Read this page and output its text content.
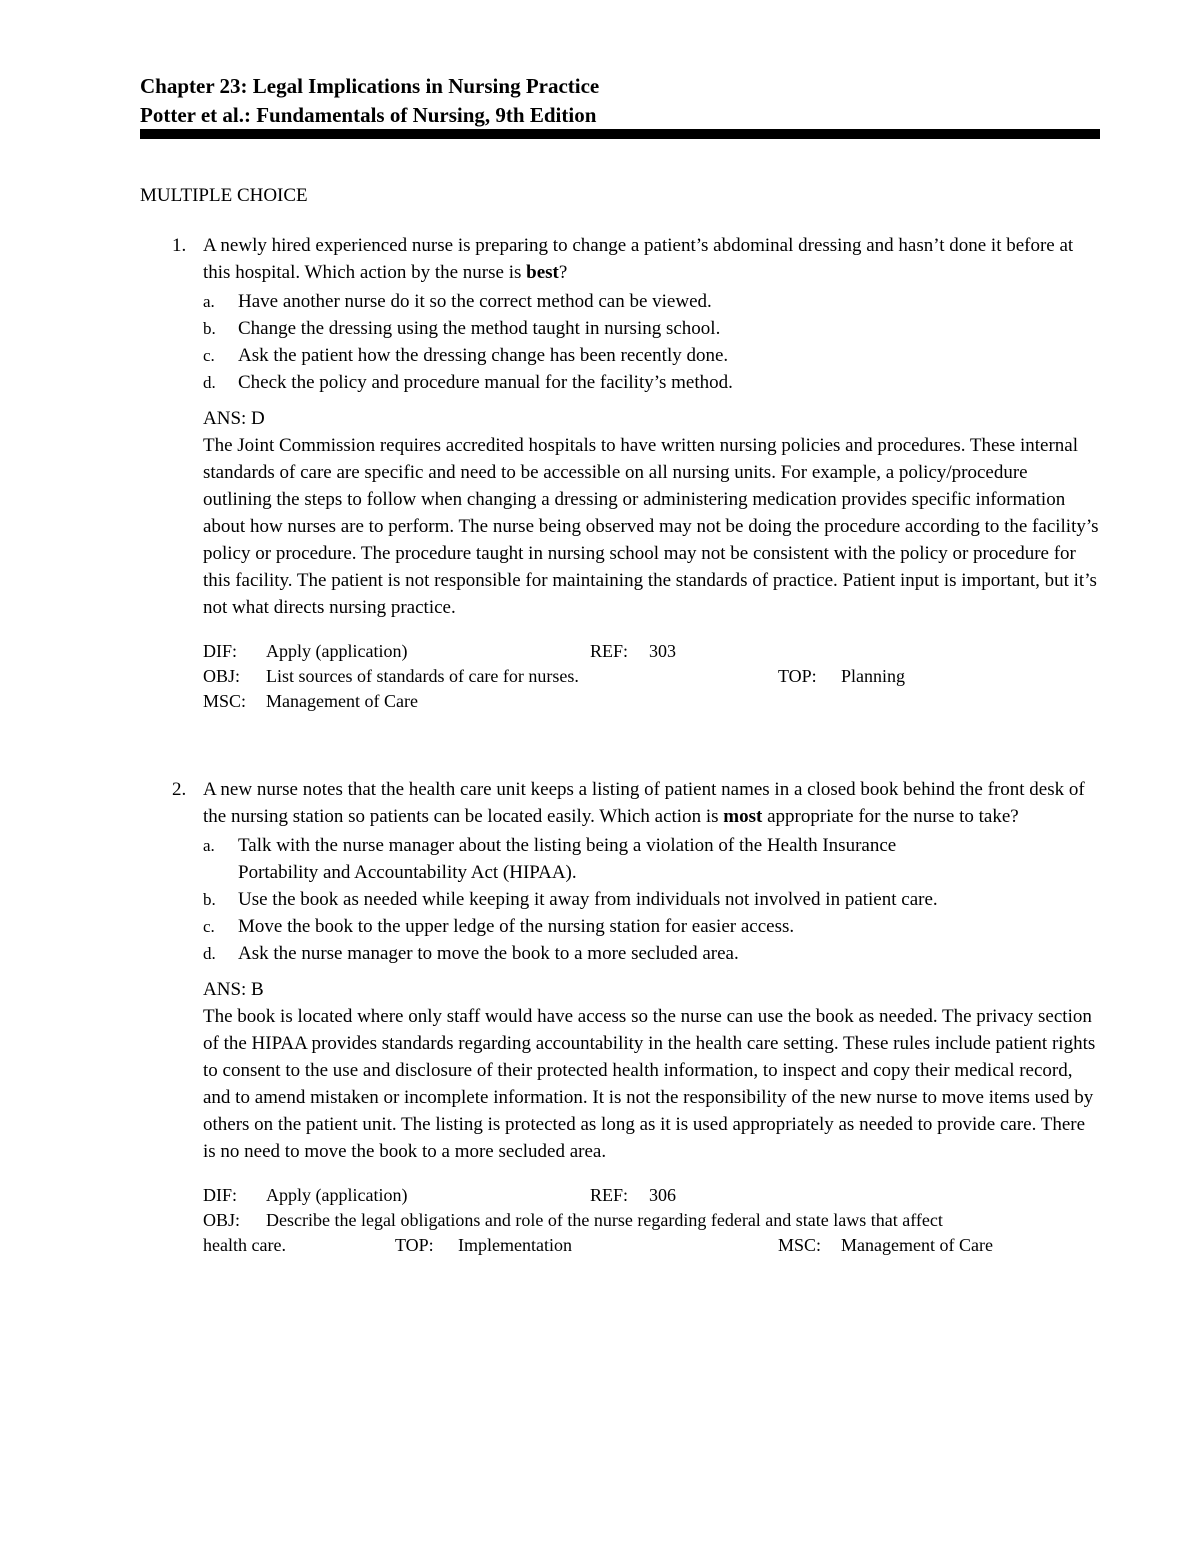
Chapter 23: Legal Implications in Nursing Practice
Potter et al.: Fundamentals of Nursing, 9th Edition
MULTIPLE CHOICE
1. A newly hired experienced nurse is preparing to change a patient’s abdominal dressing and hasn’t done it before at this hospital. Which action by the nurse is best?
a. Have another nurse do it so the correct method can be viewed.
b. Change the dressing using the method taught in nursing school.
c. Ask the patient how the dressing change has been recently done.
d. Check the policy and procedure manual for the facility’s method.
ANS: D
The Joint Commission requires accredited hospitals to have written nursing policies and procedures. These internal standards of care are specific and need to be accessible on all nursing units. For example, a policy/procedure outlining the steps to follow when changing a dressing or administering medication provides specific information about how nurses are to perform. The nurse being observed may not be doing the procedure according to the facility’s policy or procedure. The procedure taught in nursing school may not be consistent with the policy or procedure for this facility. The patient is not responsible for maintaining the standards of practice. Patient input is important, but it’s not what directs nursing practice.
DIF: Apply (application)	REF: 303
OBJ: List sources of standards of care for nurses.	TOP: Planning
MSC: Management of Care
2. A new nurse notes that the health care unit keeps a listing of patient names in a closed book behind the front desk of the nursing station so patients can be located easily. Which action is most appropriate for the nurse to take?
a. Talk with the nurse manager about the listing being a violation of the Health Insurance Portability and Accountability Act (HIPAA).
b. Use the book as needed while keeping it away from individuals not involved in patient care.
c. Move the book to the upper ledge of the nursing station for easier access.
d. Ask the nurse manager to move the book to a more secluded area.
ANS: B
The book is located where only staff would have access so the nurse can use the book as needed. The privacy section of the HIPAA provides standards regarding accountability in the health care setting. These rules include patient rights to consent to the use and disclosure of their protected health information, to inspect and copy their medical record, and to amend mistaken or incomplete information. It is not the responsibility of the new nurse to move items used by others on the patient unit. The listing is protected as long as it is used appropriately as needed to provide care. There is no need to move the book to a more secluded area.
DIF: Apply (application)	REF: 306
OBJ: Describe the legal obligations and role of the nurse regarding federal and state laws that affect
health care.	TOP: Implementation	MSC: Management of Care
